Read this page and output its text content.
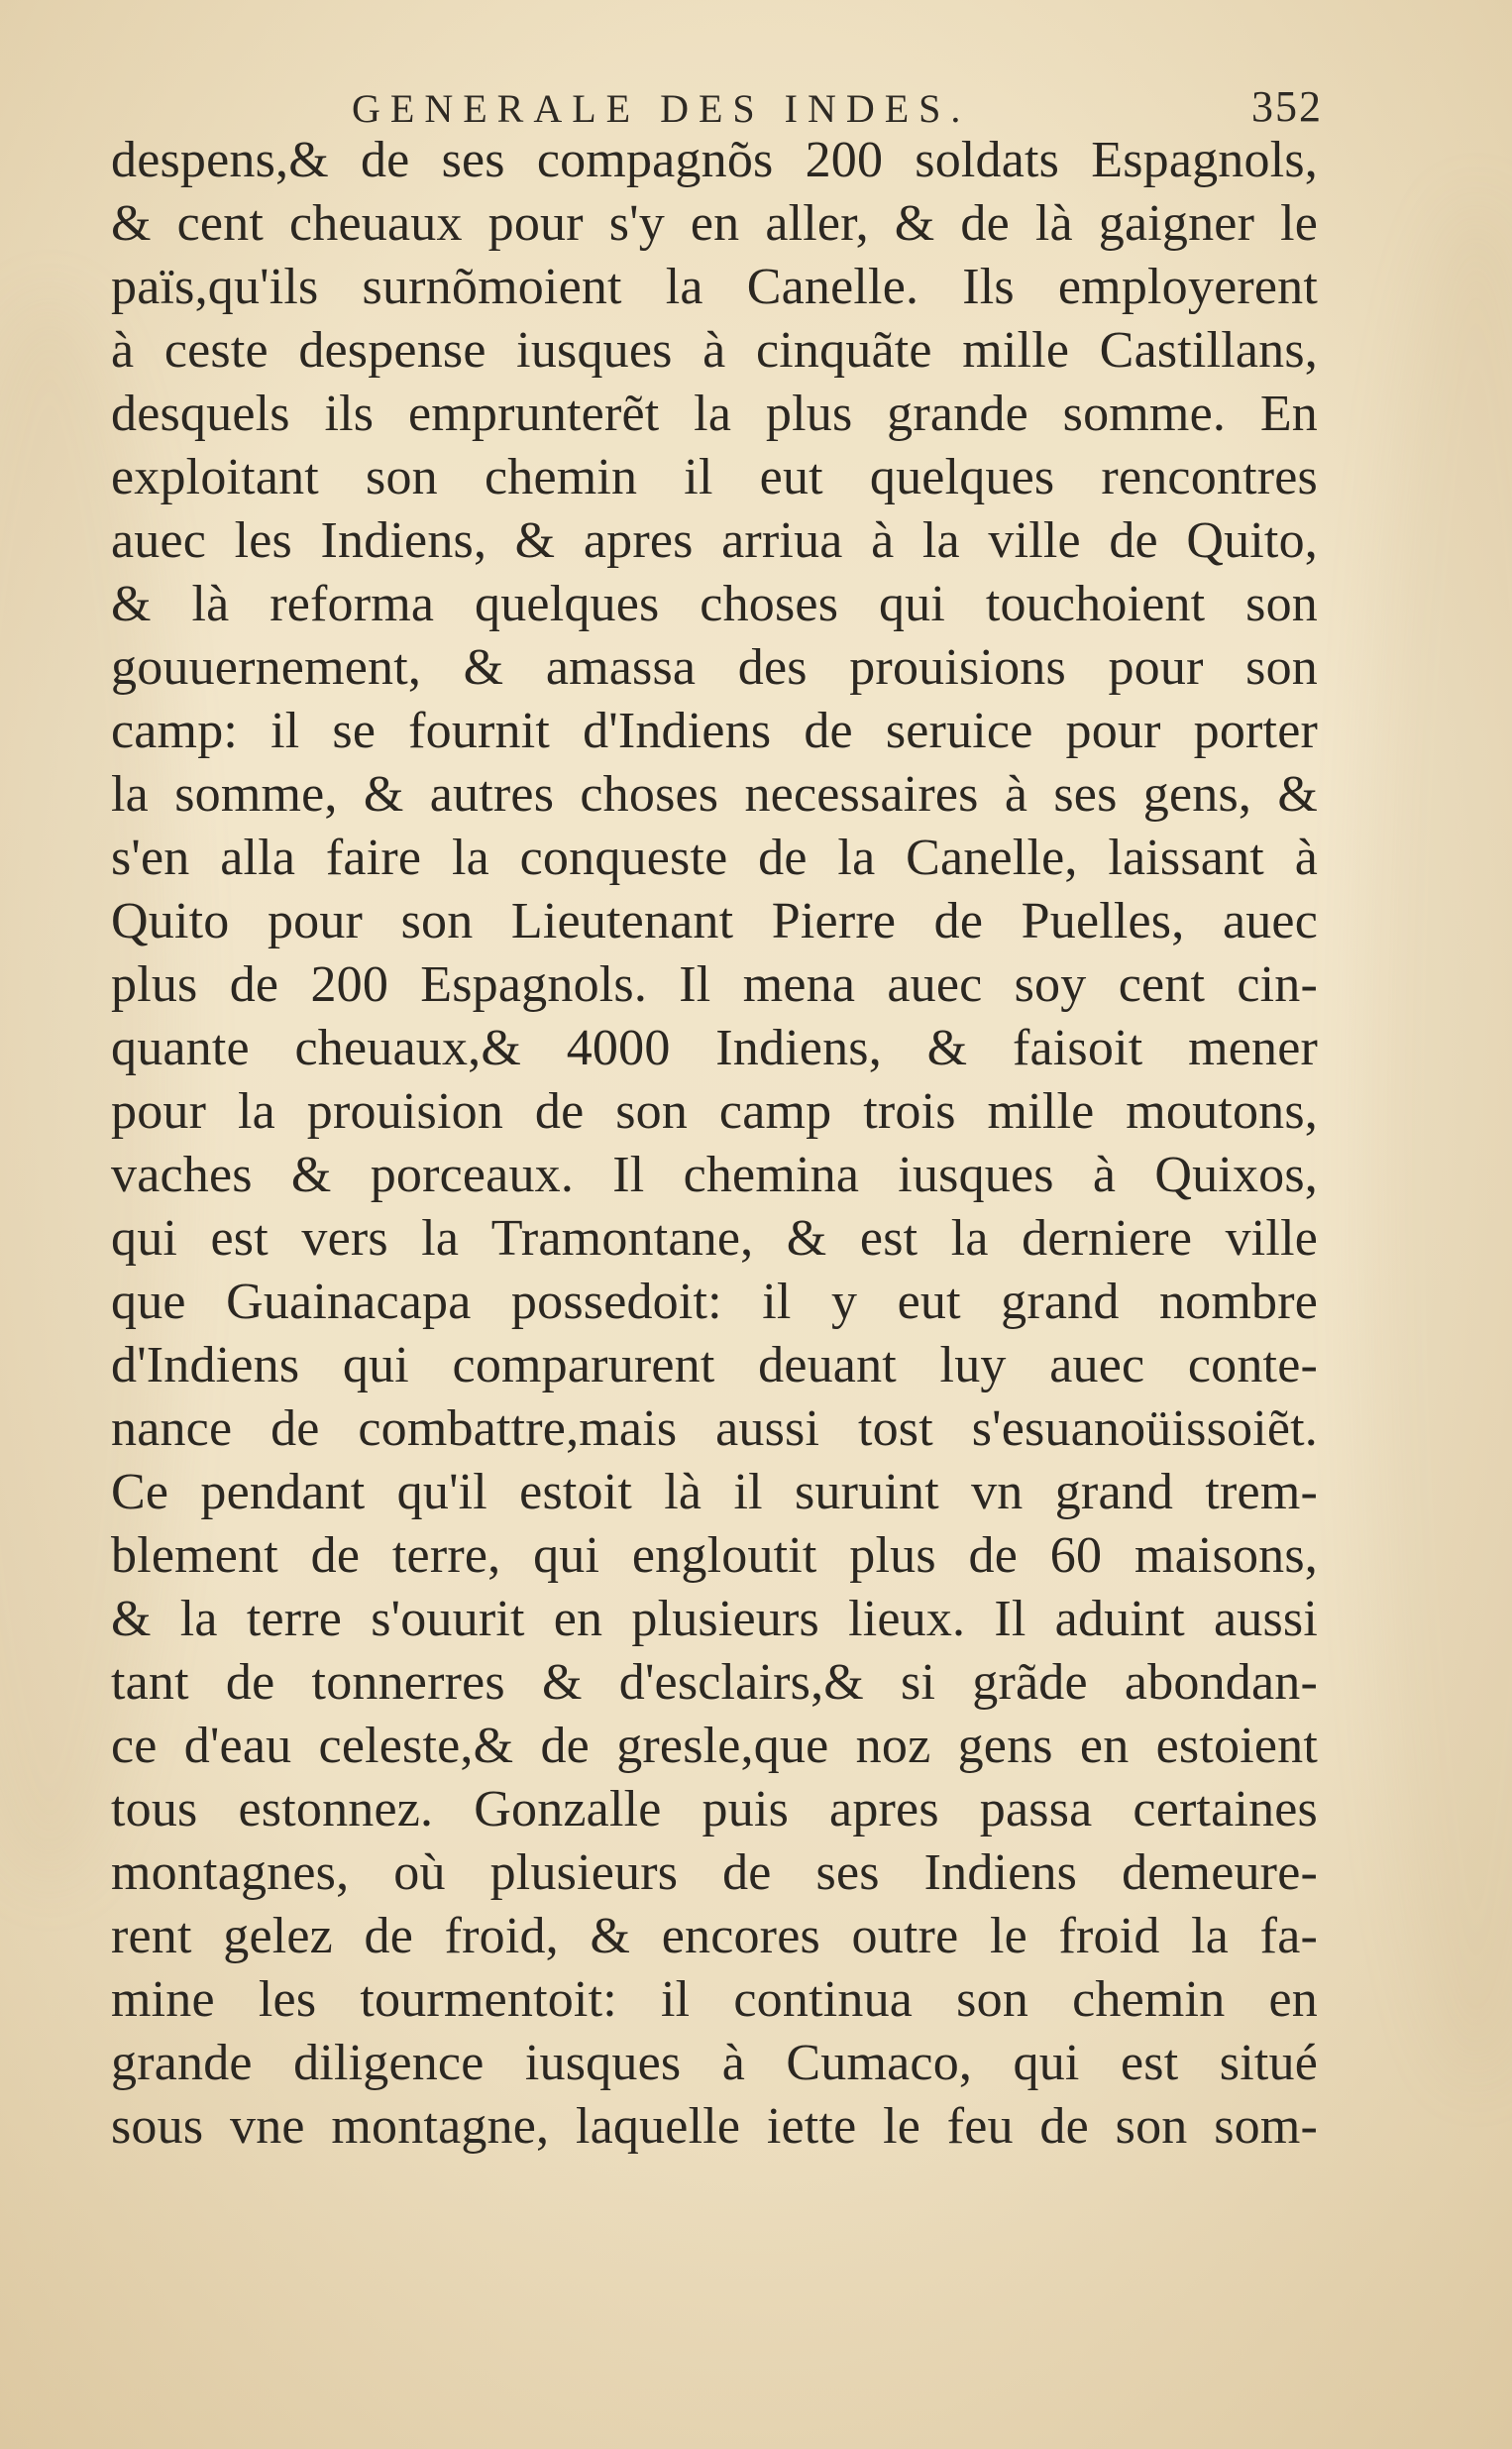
GENERALE DES INDES.	352
despens,& de ses compagnõs 200 soldats Espagnols,
& cent cheuaux pour s'y en aller, & de là gaigner le
païs,qu'ils surnõmoient la Canelle. Ils employerent
à ceste despense iusques à cinquãte mille Castillans,
desquels ils emprunterẽt la plus grande somme. En
exploitant son chemin il eut quelques rencontres
auec les Indiens, & apres arriua à la ville de Quito,
& là reforma quelques choses qui touchoient son
gouuernement, & amassa des prouisions pour son
camp: il se fournit d'Indiens de seruice pour porter
la somme, & autres choses necessaires à ses gens, &
s'en alla faire la conqueste de la Canelle, laissant à
Quito pour son Lieutenant Pierre de Puelles, auec
plus de 200 Espagnols. Il mena auec soy cent cin-
quante cheuaux,& 4000 Indiens, & faisoit mener
pour la prouision de son camp trois mille moutons,
vaches & porceaux. Il chemina iusques à Quixos,
qui est vers la Tramontane, & est la derniere ville
que Guainacapa possedoit: il y eut grand nombre
d'Indiens qui comparurent deuant luy auec conte-
nance de combattre,mais aussi tost s'esuanoüissoiẽt.
Ce pendant qu'il estoit là il suruint vn grand trem-
blement de terre, qui engloutit plus de 60 maisons,
& la terre s'ouurit en plusieurs lieux. Il aduint aussi
tant de tonnerres & d'esclairs,& si grãde abondan-
ce d'eau celeste,& de gresle,que noz gens en estoient
tous estonnez. Gonzalle puis apres passa certaines
montagnes, où plusieurs de ses Indiens demeure-
rent gelez de froid, & encores outre le froid la fa-
mine les tourmentoit: il continua son chemin en
grande diligence iusques à Cumaco, qui est situé
sous vne montagne, laquelle iette le feu de son som-
